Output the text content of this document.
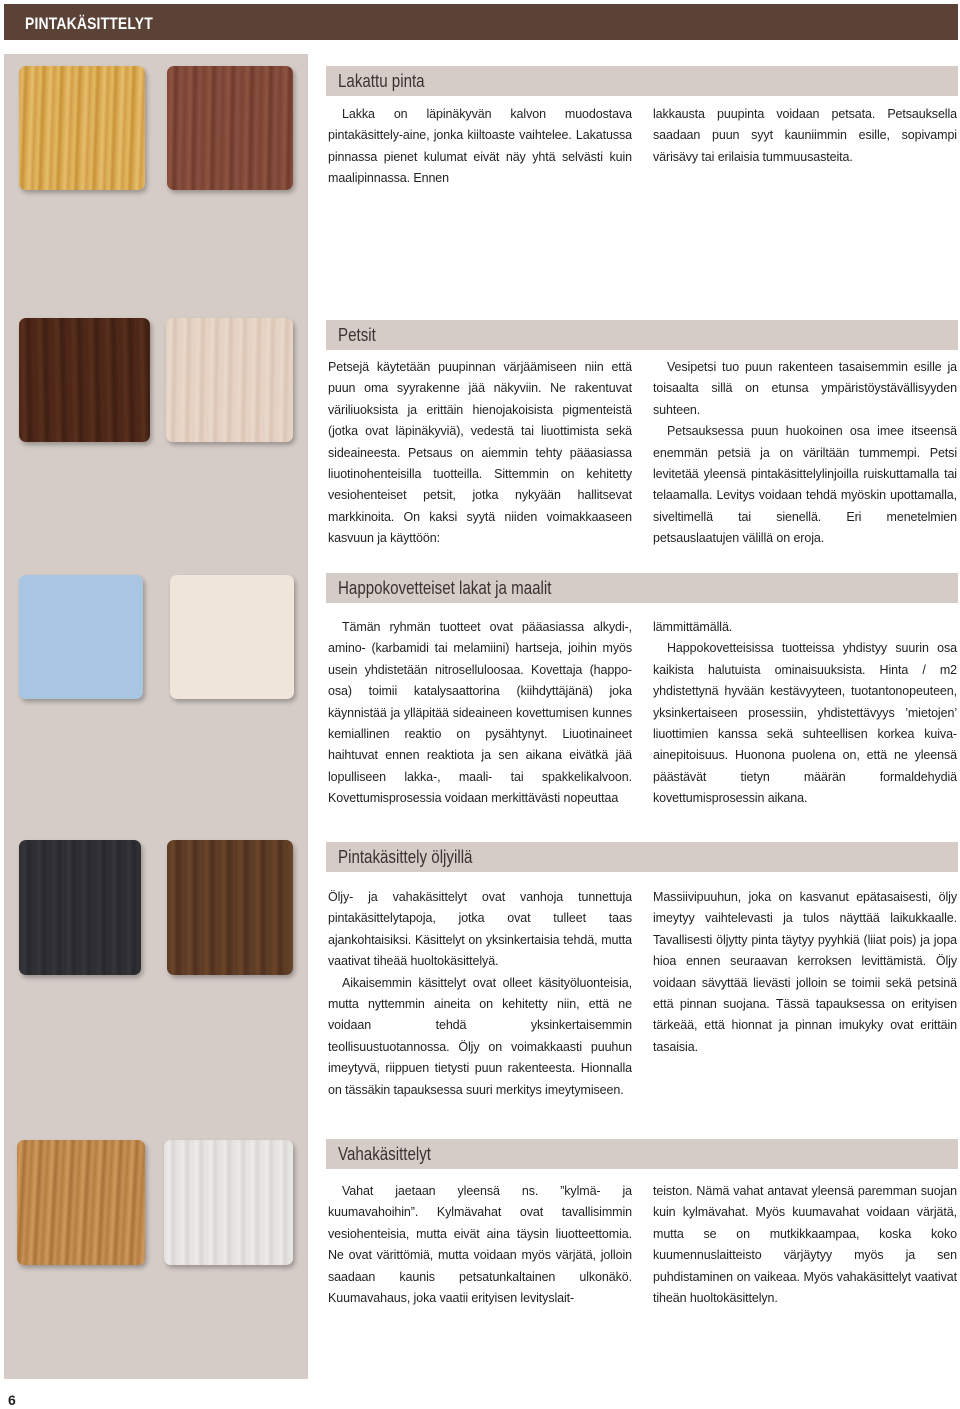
PINTAKÄSITTELYT
Lakattu pinta

Lakka on läpinäkyvän kalvon muodostava pintakäsittely-aine, jonka kiiltoaste vaihtelee. Lakatussa pinnassa pienet kulumat eivät näy yhtä selvästi kuin maalipinnassa. Ennen

lakkausta puupinta voidaan petsata. Petsauksella saadaan puun syyt kauniimmin esille, sopivampi värisävy tai erilaisia tummuusasteita.

Petsit

Petsejä käytetään puupinnan värjäämiseen niin että puun oma syyrakenne jää näkyviin. Ne rakentuvat väriliuoksista ja erittäin hienojakoisista pigmenteistä (jotka ovat läpinäkyviä), vedestä tai liuottimista sekä sideaineesta. Petsaus on aiemmin tehty pääasiassa liuotinohenteisilla tuotteilla. Sittemmin on kehitetty vesiohenteiset petsit, jotka nykyään hallitsevat markkinoita. On kaksi syytä niiden voimakkaaseen kasvuun ja käyttöön:

Vesipetsi tuo puun rakenteen tasaisemmin esille ja toisaalta sillä on etunsa ympäristöystävällisyyden suhteen.

Petsauksessa puun huokoinen osa imee itseensä enemmän petsiä ja on väriltään tummempi. Petsi levitetää yleensä pintakäsittelylinjoilla ruiskuttamalla tai telaamalla. Levitys voidaan tehdä myöskin upottamalla, siveltimellä tai sienellä. Eri menetelmien petsauslaatujen välillä on eroja.

Happokovetteiset lakat ja maalit

Tämän ryhmän tuotteet ovat pääasiassa alkydi-, amino- (karbamidi tai melamiini) hartseja, joihin myös usein yhdistetään nitroselluloosaa. Kovettaja (happo-osa) toimii katalysaattorina (kiihdyttäjänä) joka käynnistää ja ylläpitää sideaineen kovettumisen kunnes kemiallinen reaktio on pysähtynyt. Liuotinaineet haihtuvat ennen reaktiota ja sen aikana eivätkä jää lopulliseen lakka-, maali- tai spakkelikalvoon. Kovettumisprosessia voidaan merkittävästi nopeuttaa

lämmittämällä.

Happokovetteisissa tuotteissa yhdistyy suurin osa kaikista halutuista ominaisuuksista. Hinta / m2 yhdistettynä hyvään kestävyyteen, tuotantonopeuteen, yksinkertaiseen prosessiin, yhdistettävyys ’mietojen’ liuottimien kanssa sekä suhteellisen korkea kuiva-ainepitoisuus. Huonona puolena on, että ne yleensä päästävät tietyn määrän formaldehydiä kovettumisprosessin aikana.

Pintakäsittely öljyillä

Öljy- ja vahakäsittelyt ovat vanhoja tunnettuja pintakäsittelytapoja, jotka ovat tulleet taas ajankohtaisiksi. Käsittelyt on yksinkertaisia tehdä, mutta vaativat tiheää huoltokäsittelyä.

Aikaisemmin käsittelyt ovat olleet käsityöluonteisia, mutta nyttemmin aineita on kehitetty niin, että ne voidaan tehdä yksinkertaisemmin teollisuustuotannossa. Öljy on voimakkaasti puuhun imeytyvä, riippuen tietysti puun rakenteesta. Hionnalla on tässäkin tapauksessa suuri merkitys imeytymiseen.

Massiivipuuhun, joka on kasvanut epätasaisesti, öljy imeytyy vaihtelevasti ja tulos näyttää laikukkaalle. Tavallisesti öljytty pinta täytyy pyyhkiä (liiat pois) ja jopa hioa ennen seuraavan kerroksen levittämistä. Öljy voidaan sävyttää lievästi jolloin se toimii sekä petsinä että pinnan suojana. Tässä tapauksessa on erityisen tärkeää, että hionnat ja pinnan imukyky ovat erittäin tasaisia.

Vahakäsittelyt

Vahat jaetaan yleensä ns. ”kylmä- ja kuumavahoihin”. Kylmävahat ovat tavallisimmin vesiohenteisia, mutta eivät aina täysin liuotteettomia. Ne ovat värittömiä, mutta voidaan myös värjätä, jolloin saadaan kaunis petsatunkaltainen ulkonäkö. Kuumavahaus, joka vaatii erityisen levityslait-

teiston. Nämä vahat antavat yleensä paremman suojan kuin kylmävahat. Myös kuumavahat voidaan värjätä, mutta se on mutkikkaampaa, koska koko kuumennuslaitteisto värjäytyy myös ja sen puhdistaminen on vaikeaa. Myös vahakäsittelyt vaativat tiheän huoltokäsittelyn.

6
